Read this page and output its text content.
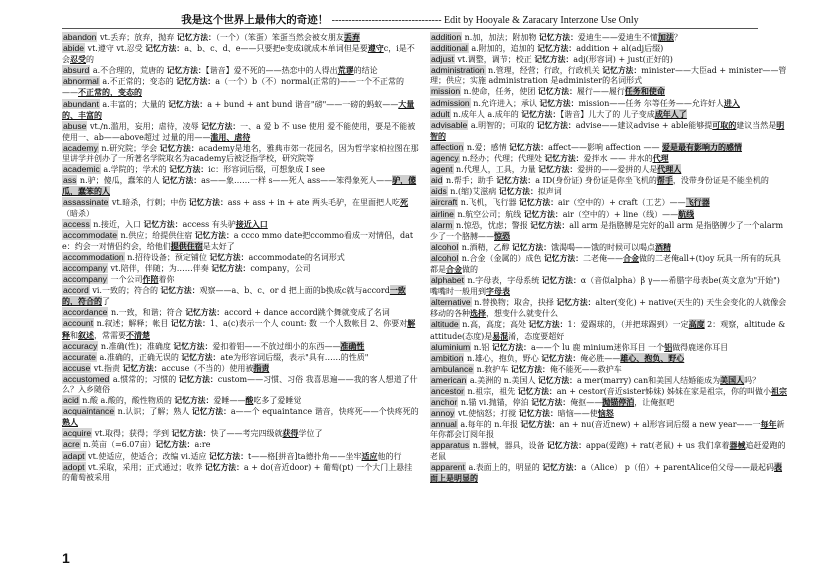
我是这个世界上最伟大的奇迹！ --------------------------------- Edit by Hooyale & Zaracary Interzone Use Only

abandon vt.丢弃；放弃，抛弃 记忆方法：（一个）（笨蛋）笨蛋当然会被女朋友丢弃

abide vt.遵守 vt.忍受 记忆方法：a、b、c、d、e——只要把e变成i就成本单词但是要遵守c，i是不会忍受的

absurd a.不合理的，荒唐的 记忆方法：【谐音】爱不死的——热恋中的人得出荒谬的结论

abnormal a.不正常的；变态的 记忆方法：a（一个）b（不）normal(正常的)——一个不正常的——不正常的，变态的

abundant a.丰富的；大量的 记忆方法：a + bund + ant bund 谐音"磅"——一磅的蚂蚁——大量的、丰富的

abuse vt./n.滥用，妄用；虐待，凌辱 记忆方法：一、a 爱 b 不 use 使用 爱不能使用，要是不能被使用一、ab——above超过 过量的用——滥用、虐待

academy n.研究院；学会 记忆方法：academy是地名，雅典市郊一花园名，因为哲学家柏拉图在那里讲学并创办了一所著名学院取名为academy后被泛指学校，研究院等

academic a.学院的；学术的 记忆方法：ic：形容词后缀，可想象成 I see

ass n.驴；傻瓜，蠢笨的人 记忆方法：as——象……一样 s——死人 ass——笨得象死人——驴，傻瓜，蠢笨的人

assassinate vt.暗杀，行刺；中伤 记忆方法：ass + ass + in + ate 两头毛驴，在里面把人吃死（暗杀）

access n.接近，入口 记忆方法：access 有头驴接近入口

accommodate n.供应；给提供住宿 记忆方法：a ccco mmo date把ccommo看成一对情侣，date：约会一对情侣约会，给他们提供住宿是太好了

accommodation n.招待设备；预定铺位 记忆方法：accommodate的名词形式

accompany vt.陪伴，伴随；为……伴奏 记忆方法：company，公司

accompany 一个公司作陪着你

accord vi.一致的；符合的 记忆方法：观察——a、b、c、or d 把上面的b换成c就与accord一致的，符合的了

accordance n.一致，和谐；符合 记忆方法：accord + dance accord跳个舞就变成了名词

account n.叙述；解释；帐目 记忆方法：1、a(c)表示一个人 count: 数 一个人数帐目 2、你要对解释和叙述，常需要不清楚

accuracy n.准确(性)；准确度 记忆方法：爱扣着钼——不放过细小的东西——准确性

accurate a.准确的，正确无误的 记忆方法：ate为形容词后缀，表示"具有……的性质"

accuse vt.指责 记忆方法：accuse（不当的）使用被指责

accustomed a.惯常的；习惯的 记忆方法：custom——习惯、习俗 我喜思遍——我的客人想道了什么？入乡随俗

acid n.酸 a.酸的，酸性物质的 记忆方法：爱睡——酸吃多了爱睡觉

acquaintance n.认识；了解；熟人 记忆方法：a——个 equaintance 谐音，快疼死——个快疼死的熟人

acquire vt.取得；获得；学到 记忆方法：快了——考完四级就获得学位了

acre n.英亩（=6.07亩）记忆方法：a:re

adapt vt.使适应，使适合；改编 vi.适应 记忆方法：t——格[拼音]ta德扑角——坐牢适应他的行

adopt vt.采取，采用；正式通过；收养 记忆方法：a + do(音近door) + 葡萄(pt) 一个大门上悬挂的葡萄被采用

addition n.加，加法；附加物 记忆方法：爱迪生——爱迪生不懂加法？

additional a.附加的，追加的 记忆方法：addition + al(adj后缀)

adjust vt.调整，调节；校正 记忆方法：adj(形容词) + just(正好的)

administration n.管理，经营；行政，行政机关 记忆方法：minister——大臣ad + minister——管理；供应；实施 administration 是administer的名词形式

mission n.使命，任务，使团 记忆方法：履行——履行任务和使命

admission n.允许进入；承认 记忆方法：mission——任务 尔等任务——允许好人进入

adult n.成年人 a.成年的 记忆方法：【谐音】儿大了的 儿子变成成年人了

advisable a.明智的；可取的 记忆方法：advise——建议advise + able能够提可取的建议当然是明智的

affection n.爱；感情 记忆方法：affect——影响 affection —— 爱是最有影响力的感情

agency n.经办；代理；代理处 记忆方法：爱拌水 —— 井水的代理

agent n.代理人，工具，力量 记忆方法：爱拼的——爱拼的人是代理人

aid n.帮手；助手 记忆方法：a ID(身份证) 身份证是你坐飞机的帮手，没带身份证是不能坐机的

aids n.(缩)艾滋病 记忆方法：拟声词

aircraft n.飞机，飞行器 记忆方法：air（空中的）+ craft（工艺）——飞行器

airline n.航空公司；航线 记忆方法：air（空中的）+ line（线）——航线

alarm n.惊恐，忧虑；警报 记忆方法：all arm 是指胳膊是完好的all arm 是指胳膊少了一个alarm 少了一个胳膊——惊恐

alcohol n.酒精，乙醇 记忆方法：饿渴喝——饿的时候可以喝点酒精

alcohol n.合金（金属的）成色 记忆方法：二老俺——合金做的二老俺all+(t)oy 玩具一所有的玩具都是合金做的

alphabet n.字母表，字母系统 记忆方法：α（音似alpha）β γ——希腊字母表be(英文意为"开始")嘴嘴时一般用到字母表

alternative n.替换物；取舍，抉择 记忆方法：alter(变化) + native(天生的) 天生会变化的人就像会移动的各种选择，想变什么就变什么

altitude n.高，高度；高处 记忆方法：1：爱踢球的，（并把球踢到）一定高度 2：观察，altitude & attitude(态度)是易混淆，态度要超好

aluminium n.铝 记忆方法：a——个 lu 鹿 minium迷你耳目 一个铝做得鹿迷你耳目

ambition n.雄心，抱负，野心 记忆方法：俺必胜——雄心、抱负、野心

ambulance n.救护车 记忆方法：俺不能死——救护车

american a.美洲的 n.美国人 记忆方法：a mer(marry) can和美国人结婚能成为美国人吗？

ancestor n.祖宗，祖先 记忆方法：an + cestor(音近sister姊妹) 姊妹在家是祖宗，你的叫做小祖宗

anchor n.锚 vi.抛锚，停泊 记忆方法：俺抠——抛锚停泊，让俺抠吧

annoy vt.使恼怒；打搅 记忆方法：暗恼——使恼怒

annual a.每年的 n.年报 记忆方法：an + nu(音近new) + al形容词后缀 a new year——一每年新年你都会订阅年报

apparatus n.器械，器具，设备 记忆方法：appa(爱跑) + rat(老鼠) + us 我们拿着器械追赶爱跑的老鼠

apparent a.表面上的，明显的 记忆方法：a（Alice） p（伯）+ parentAlice伯父母——最起码表面上是明显的

1
